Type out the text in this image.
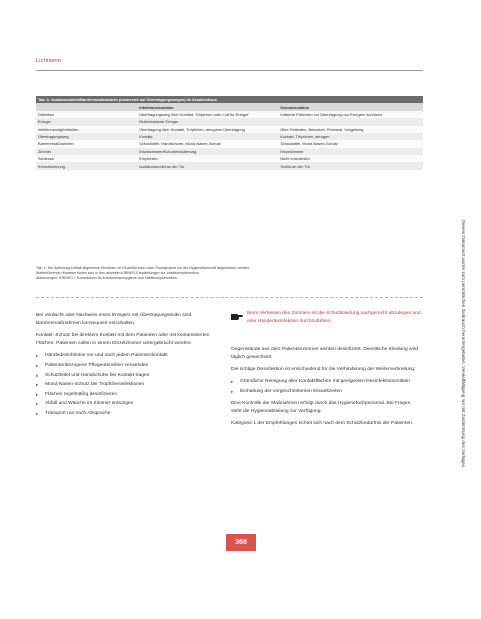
Lichtwein
Dieses Dokument wurde zum persönlichen Gebrauch heruntergeladen. Vervielfältigung nur mit Zustimmung des Verlages.
Tab. 1: Isolationsarten/Barrieremaßnahmen (basierend auf Übertragungswegen) im Krankenhaus		
	Infektionsisolation	Schutzisolation
Definition	Übertragungsweg über Kontakt, Tröpfchen oder Luft für Erreger	Infizierte Patienten vor Übertragung von Erregern schützen
Erreger	Multiresistente Erreger	
Infektionsmöglichkeiten	Übertragung über Kontakt, Tröpfchen, aerogene Übertragung	Über Patienten, Besucher, Personal, Umgebung
Übertragungsweg	Kontakt	Kontakt, Tröpfchen, aerogen
Barrieremaßnahmen	Schutzkittel, Handschuhe, Mund-Nasen-Schutz	Schutzkittel, Mund-Nasen-Schutz
Zimmer	Einzelzimmer/Kohortenisolierung	Einzelzimmer
Schleuse	Empfohlen	Nicht erforderlich
Kennzeichnung	Isolationsschild an der Tür	Schild an der Tür
Tab. 1: Die Auflistung enthält allgemeine Hinweise, im Einzelfall kann nach Rücksprache mit der Hygienefachkraft abgewichen werden.
Weiterführende Hinweise finden sich in den aktuellen KRINKO-Empfehlungen zur Infektionsprävention.
Abkürzungen: KRINKO = Kommission für Krankenhaushygiene und Infektionsprävention.

Bei Verdacht oder Nachweis eines Erregers mit Übertragungsrisiko sind Barrieremaßnahmen konsequent einzuhalten.

Kontakt: Schutz bei direktem Kontakt mit dem Patienten oder mit kontaminierten Flächen. Patienten sollen in einem Einzelzimmer untergebracht werden.

▸ Händedesinfektion vor und nach jedem Patientenkontakt
▸ Patientenbezogene Pflegeutensilien verwenden
▸ Schutzkittel und Handschuhe bei Kontakt tragen
▸ Mund-Nasen-Schutz bei Tröpfcheninfektionen
▸ Flächen regelmäßig desinfizieren
▸ Abfall und Wäsche im Zimmer entsorgen
▸ Transport nur nach Absprache
Beim Verlassen des Zimmers ist die Schutzkleidung sachgerecht abzulegen und eine Händedesinfektion durchzuführen.

Gegenstände aus dem Patientenzimmer werden desinfiziert. Dienstliche Kleidung wird täglich gewechselt.

Die richtige Desinfektion ist entscheidend für die Verhinderung der Weiterverbreitung:

▸ Gründliche Reinigung aller Kontaktflächen mit geeigneten Desinfektionsmitteln
▸ Einhaltung der vorgeschriebenen Einwirkzeiten

Eine Kontrolle der Maßnahmen erfolgt durch das Hygienefachpersonal. Bei Fragen steht die Hygieneabteilung zur Verfügung.

Kategorie 1 der Empfehlungen richtet sich nach dem Schutzbedürfnis der Patienten.

368
